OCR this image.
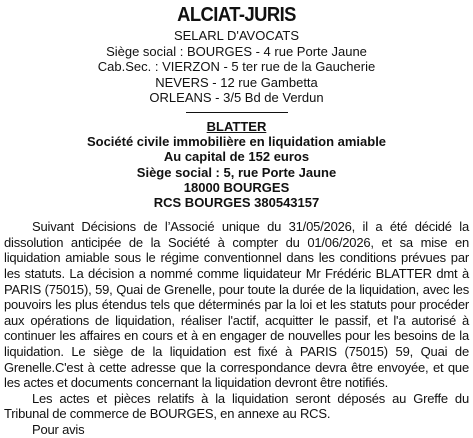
ALCIAT-JURIS
SELARL D'AVOCATS
Siège social : BOURGES - 4 rue Porte Jaune
Cab.Sec. : VIERZON - 5 ter rue de la Gaucherie
NEVERS - 12 rue Gambetta
ORLEANS - 3/5 Bd de Verdun
BLATTER
Société civile immobilière en liquidation amiable
Au capital de 152 euros
Siège social : 5, rue Porte Jaune
18000 BOURGES
RCS BOURGES 380543157

Suivant Décisions de l’Associé unique du 31/05/2026, il a été décidé la dissolution anticipée de la Société à compter du 01/06/2026, et sa mise en liquidation amiable sous le régime conventionnel dans les conditions prévues par les statuts. La décision a nommé comme liquidateur Mr Frédéric BLATTER dmt à PARIS (75015), 59, Quai de Grenelle, pour toute la durée de la liquidation, avec les pouvoirs les plus étendus tels que déterminés par la loi et les statuts pour procéder aux opérations de liquidation, réaliser l'actif, acquitter le passif, et l'a autorisé à continuer les affaires en cours et à en engager de nouvelles pour les besoins de la liquidation. Le siège de la liquidation est fixé à PARIS (75015) 59, Quai de Grenelle.C'est à cette adresse que la correspondance devra être envoyée, et que les actes et documents concernant la liquidation devront être notifiés.

Les actes et pièces relatifs à la liquidation seront déposés au Greffe du Tribunal de commerce de BOURGES, en annexe au RCS.

Pour avis
